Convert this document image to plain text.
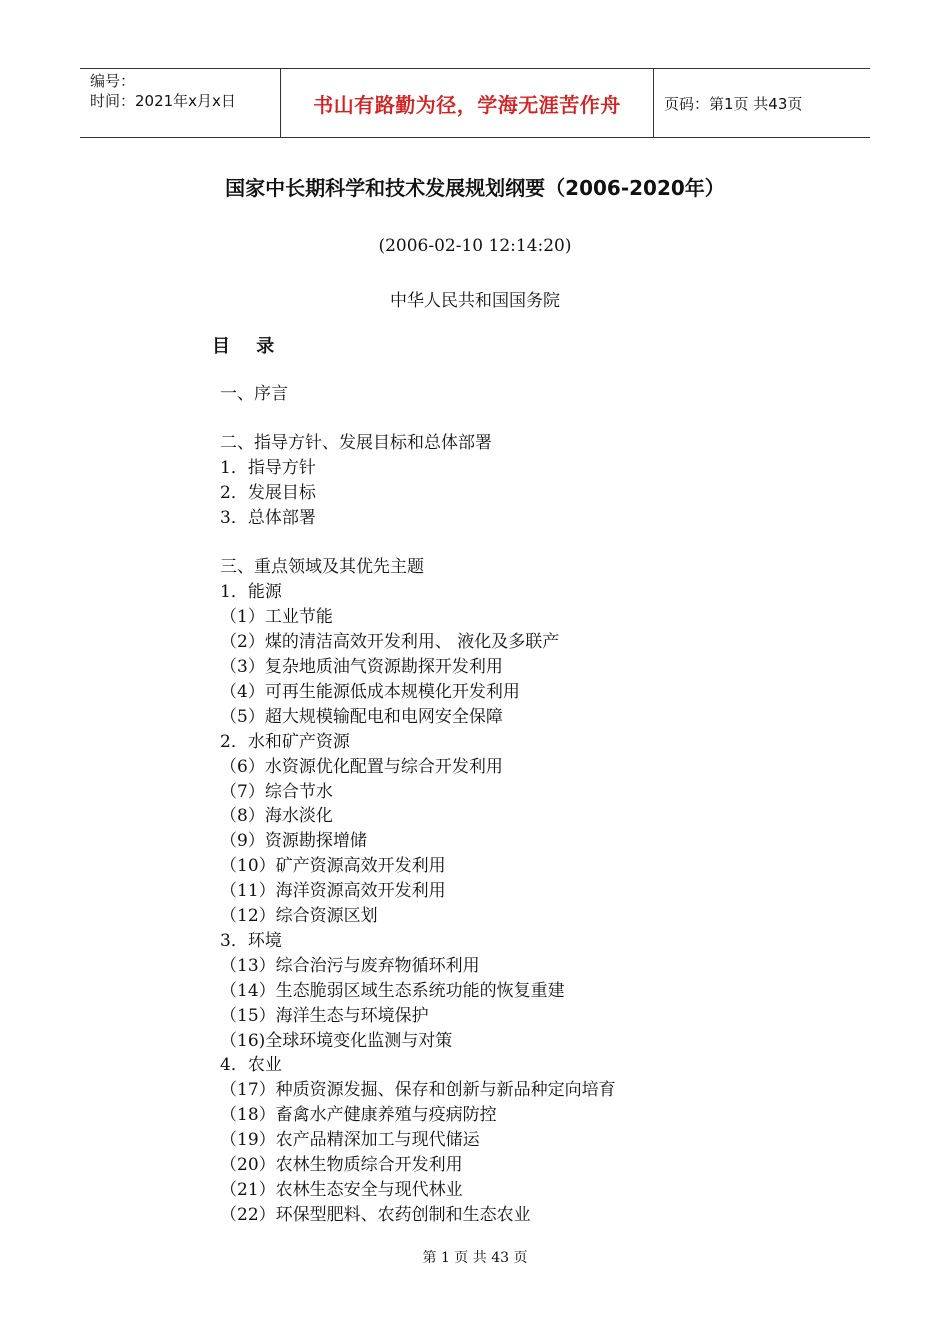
编号：
时间：2021年x月x日	书山有路勤为径，学海无涯苦作舟	页码：第1页 共43页
国家中长期科学和技术发展规划纲要（2006-2020年）
(2006-02-10 12:14:20)
中华人民共和国国务院
目 录
一、序言
二、指导方针、发展目标和总体部署
1．指导方针
2．发展目标
3．总体部署
三、重点领域及其优先主题
1．能源
（1）工业节能
（2）煤的清洁高效开发利用、 液化及多联产
（3）复杂地质油气资源勘探开发利用
（4）可再生能源低成本规模化开发利用
（5）超大规模输配电和电网安全保障
2．水和矿产资源
（6）水资源优化配置与综合开发利用
（7）综合节水
（8）海水淡化
（9）资源勘探增储
（10）矿产资源高效开发利用
（11）海洋资源高效开发利用
（12）综合资源区划
3．环境
（13）综合治污与废弃物循环利用
（14）生态脆弱区域生态系统功能的恢复重建
（15）海洋生态与环境保护
（16)全球环境变化监测与对策
4．农业
（17）种质资源发掘、保存和创新与新品种定向培育
（18）畜禽水产健康养殖与疫病防控
（19）农产品精深加工与现代储运
（20）农林生物质综合开发利用
（21）农林生态安全与现代林业
（22）环保型肥料、农药创制和生态农业
第 1 页 共 43 页
